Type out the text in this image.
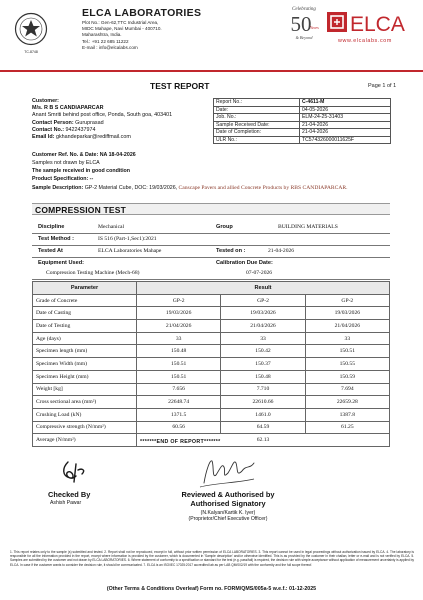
TC-8748
ELCA LABORATORIES
Plot No.: Gen-62,TTC Industrial Area,
MIDC Mahape, Navi Mumbai - 400710.
Maharashtra, India.
Tel.: +91 22 685 11222
E-mail : info@elcalabs.com
Celebrating
50
Years
& Beyond
ELCA
www.elcalabs.com
TEST REPORT	Page 1 of 1
Customer:
M/s. R B S CANDIAPARCAR
Anant Smriti behind post office, Ponda, South goa, 403401
Contact Person: Guruprasad
Contact No.: 9422437974
Email Id: gkhandeparkar@rediffmail.com
Report No.:	C-4611-M
Date:	04-05-2026
Job. No.:	ELM-24-25-31403
Sample Received Date:	21-04-2026
Date of Completion:	21-04-2026
ULR No.:	TC574326000011625F
Customer Ref. No. & Date: NA 18-04-2026
Samples not drawn by ELCA
The sample received in good condition
Product Specification: --
Sample Description: GP-2 Material Cube, DOC: 19/03/2026, Canscape Pavers and allied Concrete Products by RBS CANDIAPARCAR.
COMPRESSION TEST
Discipline	Mechanical	Group	BUILDING MATERIALS
Test Method :	IS 516 (Part-1,Sec1):2021
Tested At	ELCA Laboratories Mahape	Tested on :	21-04-2026
Equipment Used:	Calibration Due Date:
Compression Testing Machine (Mech-68)	07-07-2026
Parameter	Result		
Grade of Concrete	GP-2	GP-2	GP-2
Date of Casting	19/03/2026	19/03/2026	19/03/2026
Date of Testing	21/04/2026	21/04/2026	21/04/2026
Age (days)	33	33	33
Specimen length (mm)	150.48	150.42	150.51
Specimen Width (mm)	150.51	150.37	150.55
Specimen Height (mm)	150.51	150.48	150.59
Weight [kg]	7.656	7.710	7.694
Cross sectional area (mm²)	22648.74	22610.66	22659.28
Crushing Load (kN)	1371.5	1461.0	1387.8
Compressive strength (N/mm²)	60.56	64.59	61.25
Average (N/mm²)	62.13		
*******END OF REPORT*******
Checked By
Ashish Pawar
Reviewed & Authorised by
Authorised Signatory
(N.Kalyan/Kartik K. Iyer)
(Proprietor/Chief Executive Officer)
1. This report relates only to the sample (s) submitted and tested. 2. Report shall not be reproduced, except in full, without prior written permission of ELCA LABORATORIES. 3. This report cannot be used in legal proceedings without authorization issued by ELCA. 4. The laboratory is responsible for all the information provided in the report, except where information is provided by the customer, which is documented in 'Sample description' and/or otherwise identified. This is as provided by the customer in their challan, letter or e-mail and is not verified by ELCA. 5. Samples are submitted by the customer and not drawn by ELCA LABORATORIES. 6. Where statement of conformity to a specification or standard for the test (e.g. pass/fail) is required, the decision rule with simple acceptance without application of measurement uncertainty is applied by ELCA. In case if the customer wants to consider the decision rule, it should be communicated. 7. ELCA is an ISO/IEC 17025:2017 accredited lab as per LAB QM/002/19 with the conformity and the full scope thereof.
(Other Terms & Conditions Overleaf) Form no. FORM/QMS/005a-5 w.e.f.: 01-12-2025
